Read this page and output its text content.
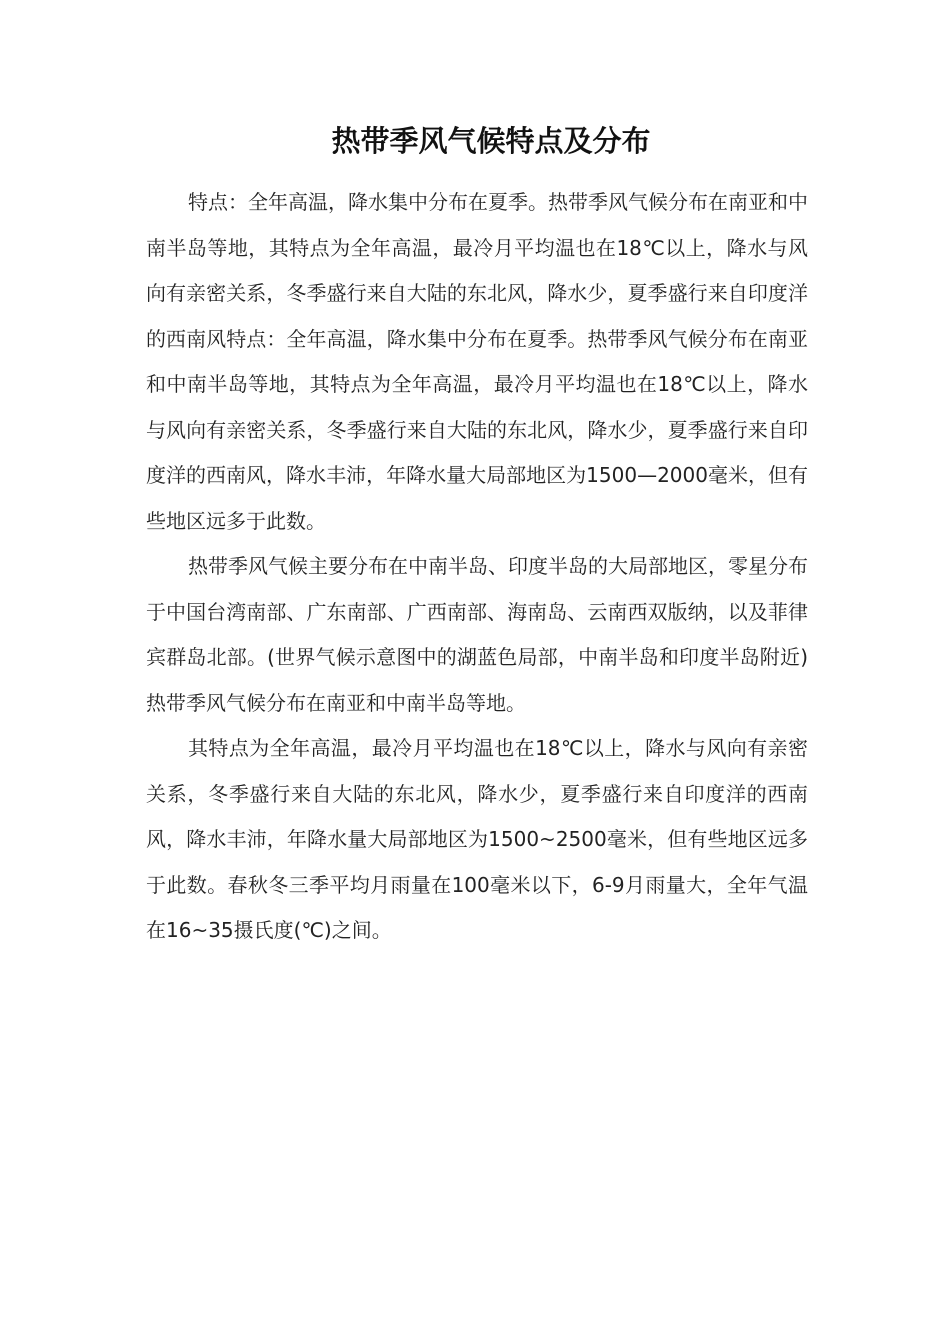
热带季风气候特点及分布

特点：全年高温，降水集中分布在夏季。热带季风气候分布在南亚和中南半岛等地，其特点为全年高温，最冷月平均温也在18℃以上，降水与风向有亲密关系，冬季盛行来自大陆的东北风，降水少，夏季盛行来自印度洋的西南风特点：全年高温，降水集中分布在夏季。热带季风气候分布在南亚和中南半岛等地，其特点为全年高温，最冷月平均温也在18℃以上，降水与风向有亲密关系，冬季盛行来自大陆的东北风，降水少，夏季盛行来自印度洋的西南风，降水丰沛，年降水量大局部地区为1500—2000毫米，但有些地区远多于此数。

热带季风气候主要分布在中南半岛、印度半岛的大局部地区，零星分布于中国台湾南部、广东南部、广西南部、海南岛、云南西双版纳，以及菲律宾群岛北部。(世界气候示意图中的湖蓝色局部，中南半岛和印度半岛附近)热带季风气候分布在南亚和中南半岛等地。

其特点为全年高温，最冷月平均温也在18℃以上，降水与风向有亲密关系，冬季盛行来自大陆的东北风，降水少，夏季盛行来自印度洋的西南风，降水丰沛，年降水量大局部地区为1500~2500毫米，但有些地区远多于此数。春秋冬三季平均月雨量在100毫米以下，6-9月雨量大，全年气温在16~35摄氏度(℃)之间。
